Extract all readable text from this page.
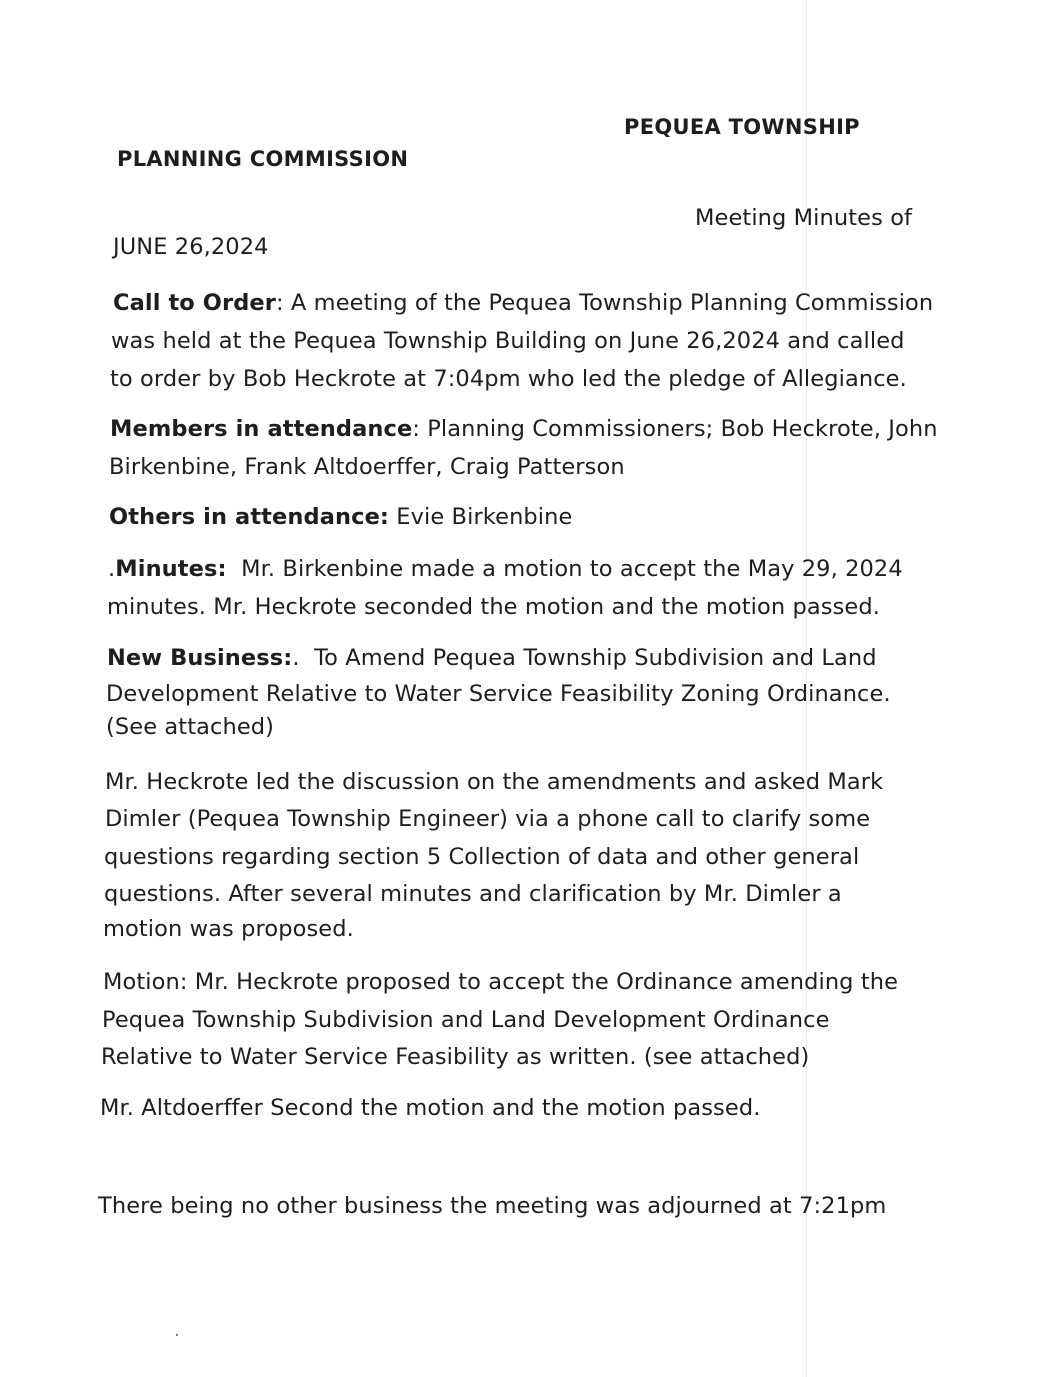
PEQUEA TOWNSHIP
PLANNING COMMISSION
Meeting Minutes of
JUNE 26,2024
Call to Order: A meeting of the Pequea Township Planning Commission
was held at the Pequea Township Building on June 26,2024 and called
to order by Bob Heckrote at 7:04pm who led the pledge of Allegiance.
Members in attendance: Planning Commissioners; Bob Heckrote, John
Birkenbine, Frank Altdoerffer, Craig Patterson
Others in attendance: Evie Birkenbine
.Minutes:  Mr. Birkenbine made a motion to accept the May 29, 2024
minutes. Mr. Heckrote seconded the motion and the motion passed.
New Business:.  To Amend Pequea Township Subdivision and Land
Development Relative to Water Service Feasibility Zoning Ordinance.
(See attached)
Mr. Heckrote led the discussion on the amendments and asked Mark
Dimler (Pequea Township Engineer) via a phone call to clarify some
questions regarding section 5 Collection of data and other general
questions. After several minutes and clarification by Mr. Dimler a
motion was proposed.
Motion: Mr. Heckrote proposed to accept the Ordinance amending the
Pequea Township Subdivision and Land Development Ordinance
Relative to Water Service Feasibility as written. (see attached)
Mr. Altdoerffer Second the motion and the motion passed.
There being no other business the meeting was adjourned at 7:21pm
